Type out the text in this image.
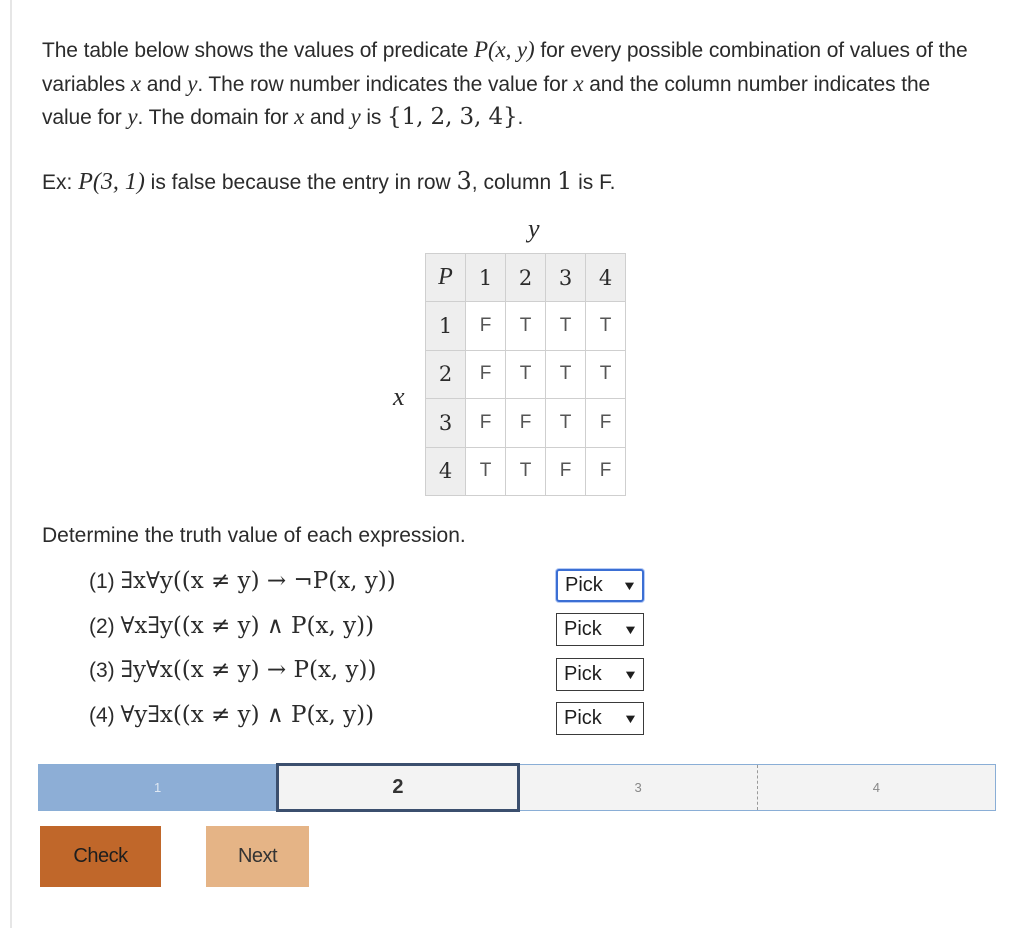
The table below shows the values of predicate P(x, y) for every possible combination of values of the variables x and y. The row number indicates the value for x and the column number indicates the value for y. The domain for x and y is {1, 2, 3, 4}.

Ex: P(3, 1) is false because the entry in row 3, column 1 is F.

y
x
P	1	2	3	4
1	F	T	T	T
2	F	T	T	T
3	F	F	T	F
4	T	T	F	F

Determine the truth value of each expression.

(1) ∃x∀y((x ≠ y) → ¬P(x, y))
(2) ∀x∃y((x ≠ y) ∧ P(x, y))
(3) ∃y∀x((x ≠ y) → P(x, y))
(4) ∀y∃x((x ≠ y) ∧ P(x, y))
Pick ▼
Pick ▼
Pick ▼
Pick ▼
1	2	3	4
Check	Next
